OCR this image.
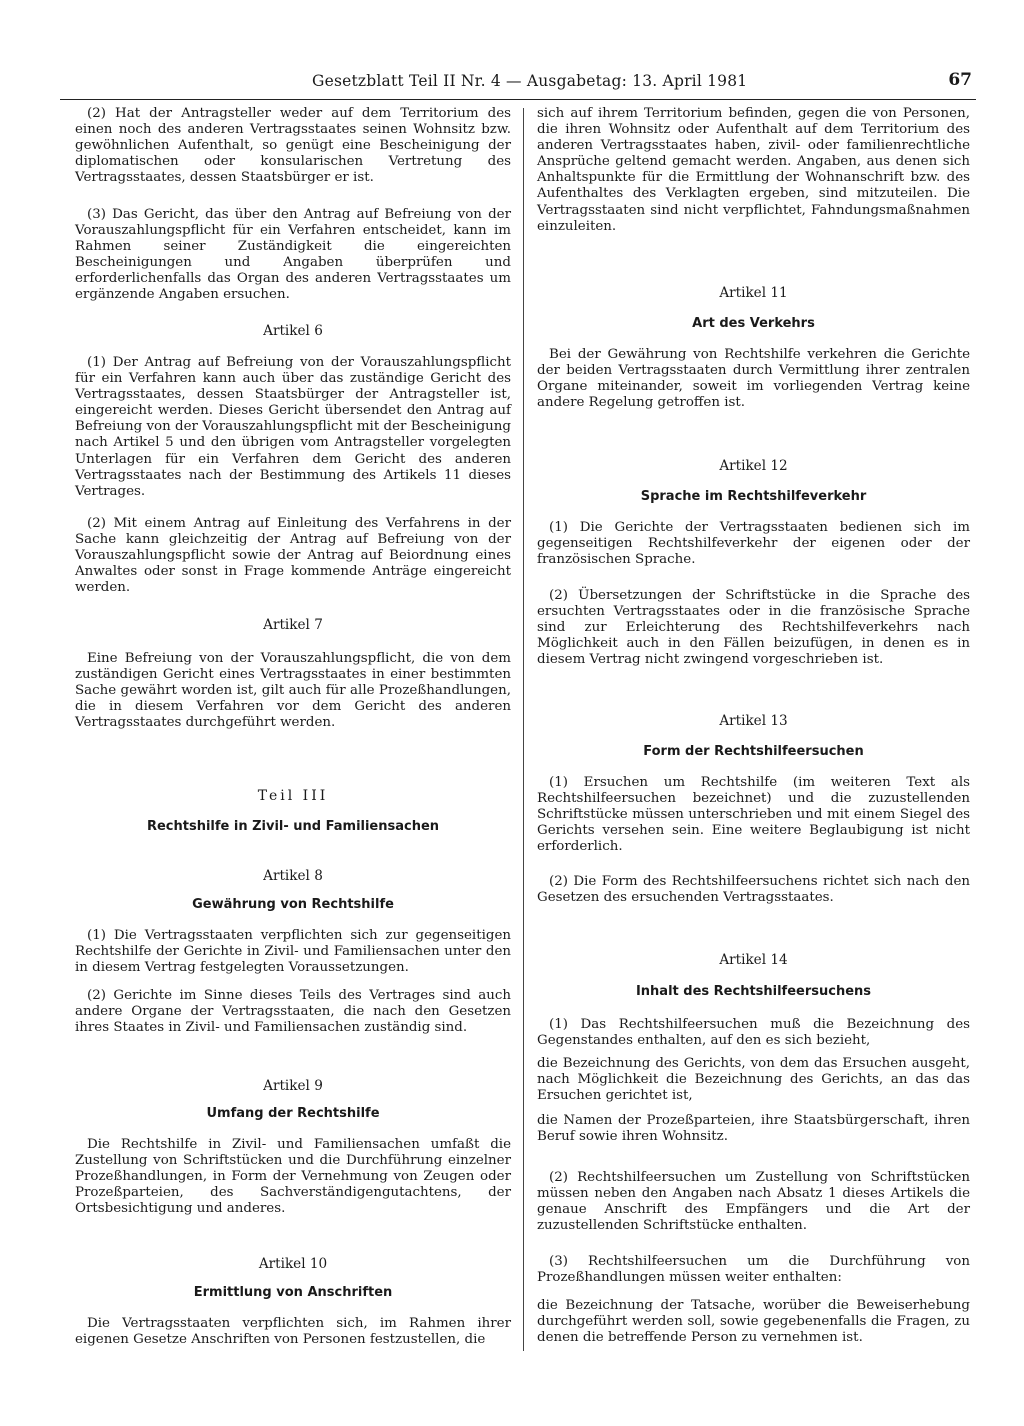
Gesetzblatt Teil II Nr. 4 — Ausgabetag: 13. April 1981	67

(2) Hat der Antragsteller weder auf dem Territorium des einen noch des anderen Vertragsstaates seinen Wohnsitz bzw. gewöhnlichen Aufenthalt, so genügt eine Bescheinigung der diplomatischen oder konsularischen Vertretung des Vertragsstaates, dessen Staatsbürger er ist.

(3) Das Gericht, das über den Antrag auf Befreiung von der Vorauszahlungspflicht für ein Verfahren entscheidet, kann im Rahmen seiner Zuständigkeit die eingereichten Bescheinigungen und Angaben überprüfen und erforderlichenfalls das Organ des anderen Vertragsstaates um ergänzende Angaben ersuchen.

Artikel 6

(1) Der Antrag auf Befreiung von der Vorauszahlungspflicht für ein Verfahren kann auch über das zuständige Gericht des Vertragsstaates, dessen Staatsbürger der Antragsteller ist, eingereicht werden. Dieses Gericht übersendet den Antrag auf Befreiung von der Vorauszahlungspflicht mit der Bescheinigung nach Artikel 5 und den übrigen vom Antragsteller vorgelegten Unterlagen für ein Verfahren dem Gericht des anderen Vertragsstaates nach der Bestimmung des Artikels 11 dieses Vertrages.

(2) Mit einem Antrag auf Einleitung des Verfahrens in der Sache kann gleichzeitig der Antrag auf Befreiung von der Vorauszahlungspflicht sowie der Antrag auf Beiordnung eines Anwaltes oder sonst in Frage kommende Anträge eingereicht werden.

Artikel 7

Eine Befreiung von der Vorauszahlungspflicht, die von dem zuständigen Gericht eines Vertragsstaates in einer bestimmten Sache gewährt worden ist, gilt auch für alle Prozeßhandlungen, die in diesem Verfahren vor dem Gericht des anderen Vertragsstaates durchgeführt werden.

Teil III

Rechtshilfe in Zivil- und Familiensachen

Artikel 8

Gewährung von Rechtshilfe

(1) Die Vertragsstaaten verpflichten sich zur gegenseitigen Rechtshilfe der Gerichte in Zivil- und Familiensachen unter den in diesem Vertrag festgelegten Voraussetzungen.

(2) Gerichte im Sinne dieses Teils des Vertrages sind auch andere Organe der Vertragsstaaten, die nach den Gesetzen ihres Staates in Zivil- und Familiensachen zuständig sind.

Artikel 9

Umfang der Rechtshilfe

Die Rechtshilfe in Zivil- und Familiensachen umfaßt die Zustellung von Schriftstücken und die Durchführung einzelner Prozeßhandlungen, in Form der Vernehmung von Zeugen oder Prozeßparteien, des Sachverständigengutachtens, der Ortsbesichtigung und anderes.

Artikel 10

Ermittlung von Anschriften

Die Vertragsstaaten verpflichten sich, im Rahmen ihrer eigenen Gesetze Anschriften von Personen festzustellen, die

sich auf ihrem Territorium befinden, gegen die von Personen, die ihren Wohnsitz oder Aufenthalt auf dem Territorium des anderen Vertragsstaates haben, zivil- oder familienrechtliche Ansprüche geltend gemacht werden. Angaben, aus denen sich Anhaltspunkte für die Ermittlung der Wohnanschrift bzw. des Aufenthaltes des Verklagten ergeben, sind mitzuteilen. Die Vertragsstaaten sind nicht verpflichtet, Fahndungsmaßnahmen einzuleiten.

Artikel 11

Art des Verkehrs

Bei der Gewährung von Rechtshilfe verkehren die Gerichte der beiden Vertragsstaaten durch Vermittlung ihrer zentralen Organe miteinander, soweit im vorliegenden Vertrag keine andere Regelung getroffen ist.

Artikel 12

Sprache im Rechtshilfeverkehr

(1) Die Gerichte der Vertragsstaaten bedienen sich im gegenseitigen Rechtshilfeverkehr der eigenen oder der französischen Sprache.

(2) Übersetzungen der Schriftstücke in die Sprache des ersuchten Vertragsstaates oder in die französische Sprache sind zur Erleichterung des Rechtshilfeverkehrs nach Möglichkeit auch in den Fällen beizufügen, in denen es in diesem Vertrag nicht zwingend vorgeschrieben ist.

Artikel 13

Form der Rechtshilfeersuchen

(1) Ersuchen um Rechtshilfe (im weiteren Text als Rechtshilfeersuchen bezeichnet) und die zuzustellenden Schriftstücke müssen unterschrieben und mit einem Siegel des Gerichts versehen sein. Eine weitere Beglaubigung ist nicht erforderlich.

(2) Die Form des Rechtshilfeersuchens richtet sich nach den Gesetzen des ersuchenden Vertragsstaates.

Artikel 14

Inhalt des Rechtshilfeersuchens

(1) Das Rechtshilfeersuchen muß die Bezeichnung des Gegenstandes enthalten, auf den es sich bezieht,

die Bezeichnung des Gerichts, von dem das Ersuchen ausgeht, nach Möglichkeit die Bezeichnung des Gerichts, an das das Ersuchen gerichtet ist,

die Namen der Prozeßparteien, ihre Staatsbürgerschaft, ihren Beruf sowie ihren Wohnsitz.

(2) Rechtshilfeersuchen um Zustellung von Schriftstücken müssen neben den Angaben nach Absatz 1 dieses Artikels die genaue Anschrift des Empfängers und die Art der zuzustellenden Schriftstücke enthalten.

(3) Rechtshilfeersuchen um die Durchführung von Prozeßhandlungen müssen weiter enthalten:

die Bezeichnung der Tatsache, worüber die Beweiserhebung durchgeführt werden soll, sowie gegebenenfalls die Fragen, zu denen die betreffende Person zu vernehmen ist.
